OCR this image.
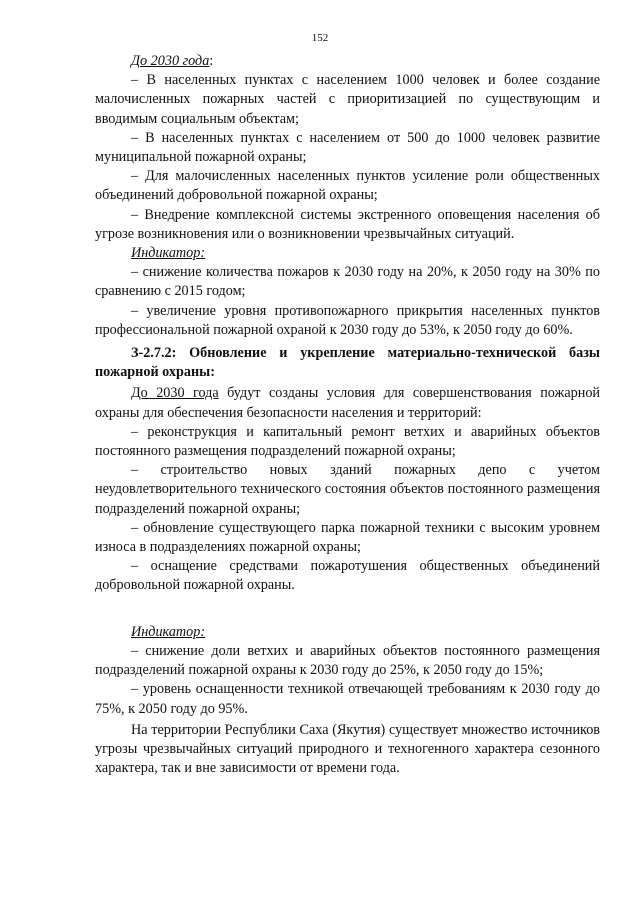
152

До 2030 года:

– В населенных пунктах с населением 1000 человек и более создание малочисленных пожарных частей с приоритизацией по существующим и вводимым социальным объектам;

– В населенных пунктах с населением от 500 до 1000 человек развитие муниципальной пожарной охраны;

– Для малочисленных населенных пунктов усиление роли общественных объединений добровольной пожарной охраны;

– Внедрение комплексной системы экстренного оповещения населения об угрозе возникновения или о возникновении чрезвычайных ситуаций.

Индикатор:

– снижение количества пожаров к 2030 году на 20%, к 2050 году на 30% по сравнению с 2015 годом;

– увеличение уровня противопожарного прикрытия населенных пунктов профессиональной пожарной охраной к 2030 году до 53%, к 2050 году до 60%.

З-2.7.2: Обновление и укрепление материально-технической базы пожарной охраны:

До 2030 года будут созданы условия для совершенствования пожарной охраны для обеспечения безопасности населения и территорий:

– реконструкция и капитальный ремонт ветхих и аварийных объектов постоянного размещения подразделений пожарной охраны;

– строительство новых зданий пожарных депо с учетом неудовлетворительного технического состояния объектов постоянного размещения подразделений пожарной охраны;

– обновление существующего парка пожарной техники с высоким уровнем износа в подразделениях пожарной охраны;

– оснащение средствами пожаротушения общественных объединений добровольной пожарной охраны.

Индикатор:

– снижение доли ветхих и аварийных объектов постоянного размещения подразделений пожарной охраны к 2030 году до 25%, к 2050 году до 15%;

– уровень оснащенности техникой отвечающей требованиям к 2030 году до 75%, к 2050 году до 95%.

На территории Республики Саха (Якутия) существует множество источников угрозы чрезвычайных ситуаций природного и техногенного характера сезонного характера, так и вне зависимости от времени года.
